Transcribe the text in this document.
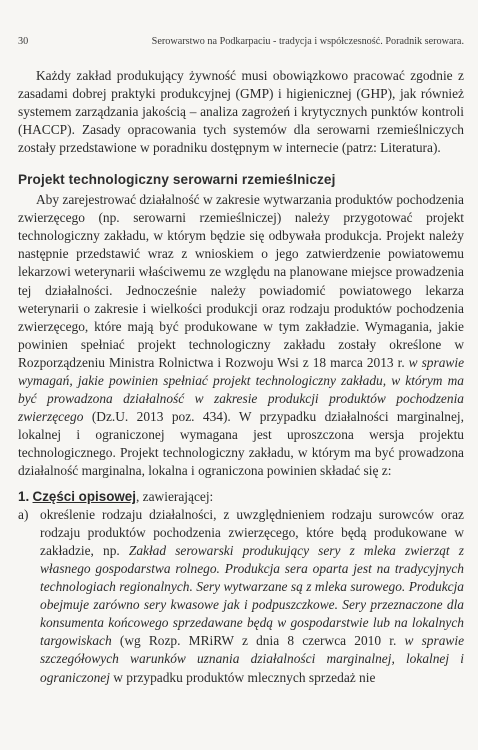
30	Serowarstwo na Podkarpaciu - tradycja i współczesność. Poradnik serowara.

Każdy zakład produkujący żywność musi obowiązkowo pracować zgodnie z zasadami dobrej praktyki produkcyjnej (GMP) i higienicznej (GHP), jak również systemem zarządzania jakością – analiza zagrożeń i krytycznych punktów kontroli (HACCP). Zasady opracowania tych systemów dla serowarni rzemieślniczych zostały przedstawione w poradniku dostępnym w internecie (patrz: Literatura).

Projekt technologiczny serowarni rzemieślniczej

Aby zarejestrować działalność w zakresie wytwarzania produktów pochodzenia zwierzęcego (np. serowarni rzemieślniczej) należy przygotować projekt technologiczny zakładu, w którym będzie się odbywała produkcja. Projekt należy następnie przedstawić wraz z wnioskiem o jego zatwierdzenie powiatowemu lekarzowi weterynarii właściwemu ze względu na planowane miejsce prowadzenia tej działalności. Jednocześnie należy powiadomić powiatowego lekarza weterynarii o zakresie i wielkości produkcji oraz rodzaju produktów pochodzenia zwierzęcego, które mają być produkowane w tym zakładzie. Wymagania, jakie powinien spełniać projekt technologiczny zakładu zostały określone w Rozporządzeniu Ministra Rolnictwa i Rozwoju Wsi z 18 marca 2013 r. w sprawie wymagań, jakie powinien spełniać projekt technologiczny zakładu, w którym ma być prowadzona działalność w zakresie produkcji produktów pochodzenia zwierzęcego (Dz.U. 2013 poz. 434). W przypadku działalności marginalnej, lokalnej i ograniczonej wymagana jest uproszczona wersja projektu technologicznego. Projekt technologiczny zakładu, w którym ma być prowadzona działalność marginalna, lokalna i ograniczona powinien składać się z:

1. Części opisowej, zawierającej:

a) określenie rodzaju działalności, z uwzględnieniem rodzaju surowców oraz rodzaju produktów pochodzenia zwierzęcego, które będą produkowane w zakładzie, np. Zakład serowarski produkujący sery z mleka zwierząt z własnego gospodarstwa rolnego. Produkcja sera oparta jest na tradycyjnych technologiach regionalnych. Sery wytwarzane są z mleka surowego. Produkcja obejmuje zarówno sery kwasowe jak i podpuszczkowe. Sery przeznaczone dla konsumenta końcowego sprzedawane będą w gospodarstwie lub na lokalnych targowiskach (wg Rozp. MRiRW z dnia 8 czerwca 2010 r. w sprawie szczegółowych warunków uznania działalności marginalnej, lokalnej i ograniczonej w przypadku produktów mlecznych sprzedaż nie
